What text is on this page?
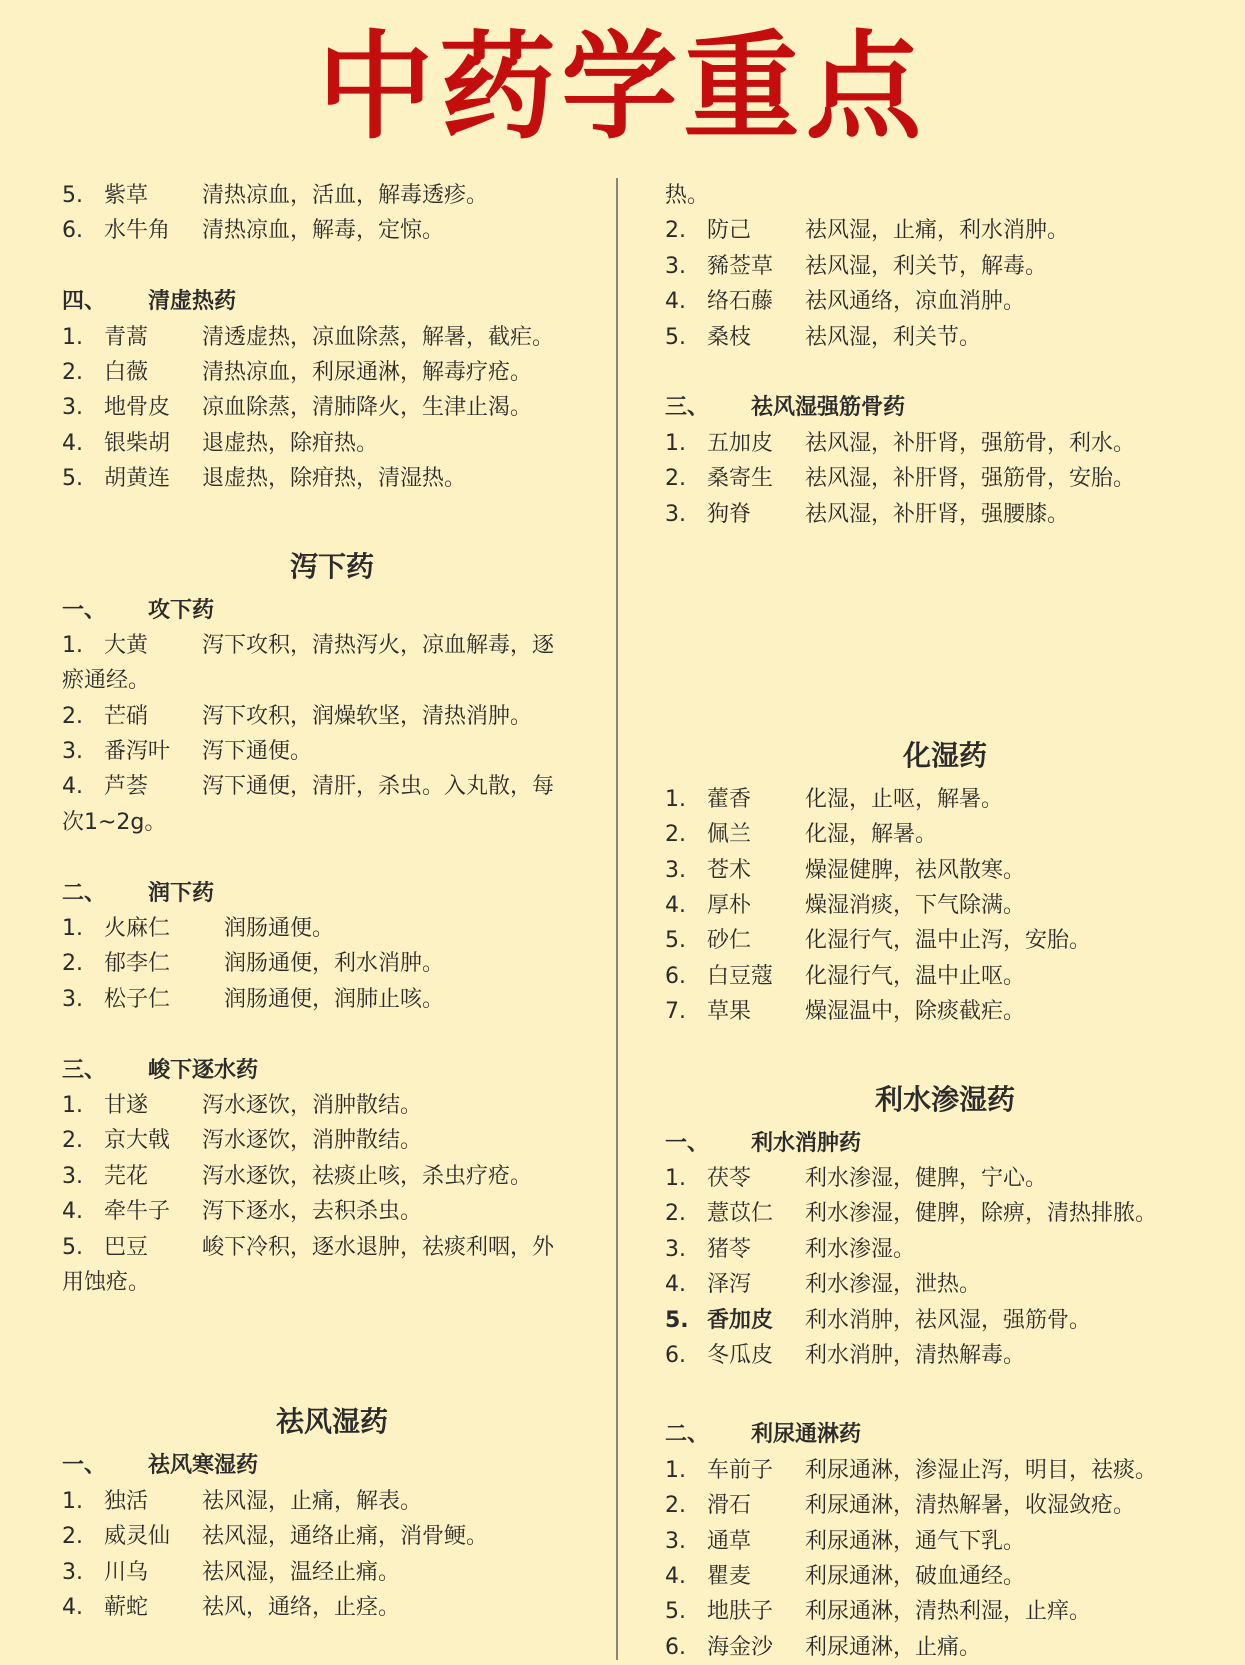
中药学重点
5. 紫草 清热凉血，活血，解毒透疹。
6. 水牛角 清热凉血，解毒，定惊。
四、 清虚热药
1. 青蒿 清透虚热，凉血除蒸，解暑，截疟。
2. 白薇 清热凉血，利尿通淋，解毒疗疮。
3. 地骨皮 凉血除蒸，清肺降火，生津止渴。
4. 银柴胡 退虚热，除疳热。
5. 胡黄连 退虚热，除疳热，清湿热。
泻下药
一、 攻下药
1. 大黄 泻下攻积，清热泻火，凉血解毒，逐
瘀通经。
2. 芒硝 泻下攻积，润燥软坚，清热消肿。
3. 番泻叶 泻下通便。
4. 芦荟 泻下通便，清肝，杀虫。入丸散，每
次1~2g。
二、 润下药
1. 火麻仁 润肠通便。
2. 郁李仁 润肠通便，利水消肿。
3. 松子仁 润肠通便，润肺止咳。
三、 峻下逐水药
1. 甘遂 泻水逐饮，消肿散结。
2. 京大戟 泻水逐饮，消肿散结。
3. 芫花 泻水逐饮，祛痰止咳，杀虫疗疮。
4. 牵牛子 泻下逐水，去积杀虫。
5. 巴豆 峻下冷积，逐水退肿，祛痰利咽，外
用蚀疮。
祛风湿药
一、 祛风寒湿药
1. 独活 祛风湿，止痛，解表。
2. 威灵仙 祛风湿，通络止痛，消骨鲠。
3. 川乌 祛风湿，温经止痛。
4. 蕲蛇 祛风，通络，止痉。
热。
2. 防己 祛风湿，止痛，利水消肿。
3. 豨莶草 祛风湿，利关节，解毒。
4. 络石藤 祛风通络，凉血消肿。
5. 桑枝 祛风湿，利关节。
三、 祛风湿强筋骨药
1. 五加皮 祛风湿，补肝肾，强筋骨，利水。
2. 桑寄生 祛风湿，补肝肾，强筋骨，安胎。
3. 狗脊 祛风湿，补肝肾，强腰膝。
化湿药
1. 藿香 化湿，止呕，解暑。
2. 佩兰 化湿，解暑。
3. 苍术 燥湿健脾，祛风散寒。
4. 厚朴 燥湿消痰，下气除满。
5. 砂仁 化湿行气，温中止泻，安胎。
6. 白豆蔻 化湿行气，温中止呕。
7. 草果 燥湿温中，除痰截疟。
利水渗湿药
一、 利水消肿药
1. 茯苓 利水渗湿，健脾，宁心。
2. 薏苡仁 利水渗湿，健脾，除痹，清热排脓。
3. 猪苓 利水渗湿。
4. 泽泻 利水渗湿，泄热。
5. 香加皮 利水消肿，祛风湿，强筋骨。
6. 冬瓜皮 利水消肿，清热解毒。
二、 利尿通淋药
1. 车前子 利尿通淋，渗湿止泻，明目，祛痰。
2. 滑石 利尿通淋，清热解暑，收湿敛疮。
3. 通草 利尿通淋，通气下乳。
4. 瞿麦 利尿通淋，破血通经。
5. 地肤子 利尿通淋，清热利湿，止痒。
6. 海金沙 利尿通淋，止痛。
